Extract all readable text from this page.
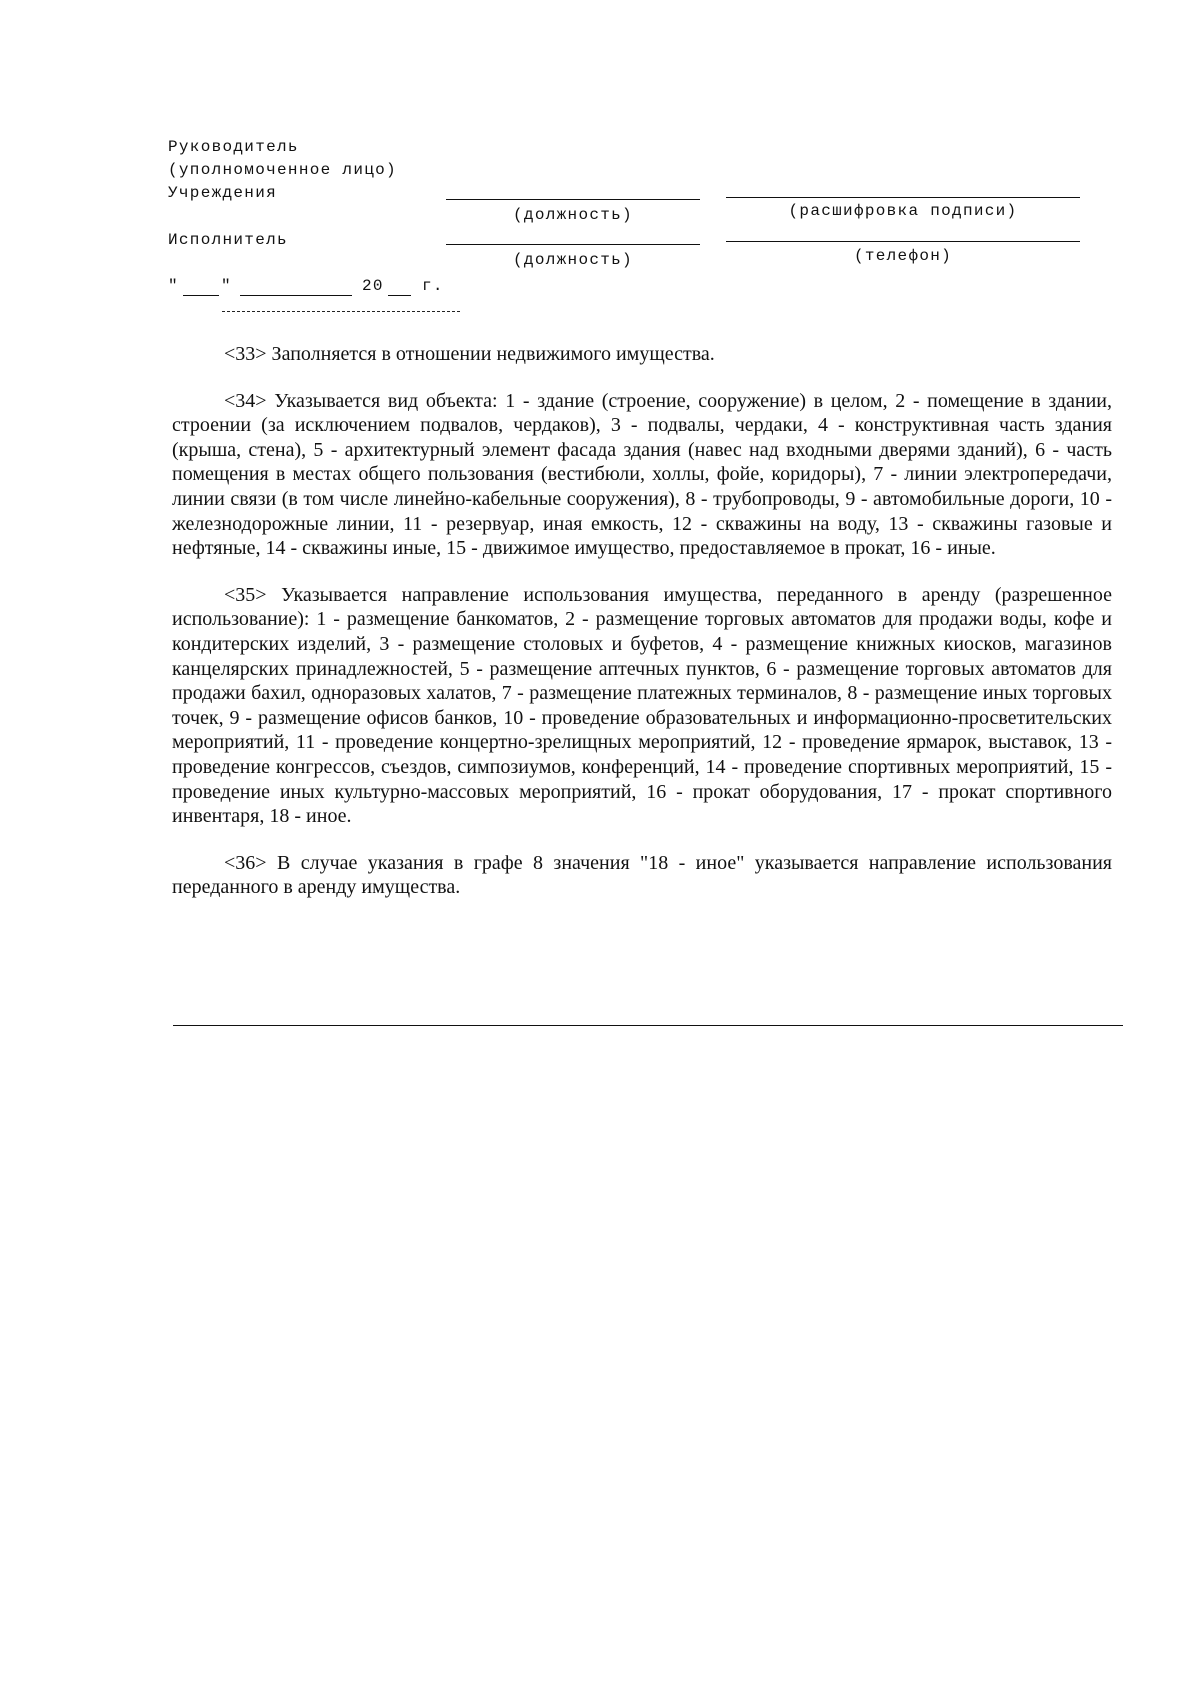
Руководитель
(уполномоченное лицо)
Учреждения
(должность)	(расшифровка подписи)
Исполнитель
(должность)	(телефон)
"	"	20 г.

<33> Заполняется в отношении недвижимого имущества.

<34> Указывается вид объекта: 1 - здание (строение, сооружение) в целом, 2 - помещение в здании, строении (за исключением подвалов, чердаков), 3 - подвалы, чердаки, 4 - конструктивная часть здания (крыша, стена), 5 - архитектурный элемент фасада здания (навес над входными дверями зданий), 6 - часть помещения в местах общего пользования (вестибюли, холлы, фойе, коридоры), 7 - линии электропередачи, линии связи (в том числе линейно-кабельные сооружения), 8 - трубопроводы, 9 - автомобильные дороги, 10 - железнодорожные линии, 11 - резервуар, иная емкость, 12 - скважины на воду, 13 - скважины газовые и нефтяные, 14 - скважины иные, 15 - движимое имущество, предоставляемое в прокат, 16 - иные.

<35> Указывается направление использования имущества, переданного в аренду (разрешенное использование): 1 - размещение банкоматов, 2 - размещение торговых автоматов для продажи воды, кофе и кондитерских изделий, 3 - размещение столовых и буфетов, 4 - размещение книжных киосков, магазинов канцелярских принадлежностей, 5 - размещение аптечных пунктов, 6 - размещение торговых автоматов для продажи бахил, одноразовых халатов, 7 - размещение платежных терминалов, 8 - размещение иных торговых точек, 9 - размещение офисов банков, 10 - проведение образовательных и информационно-просветительских мероприятий, 11 - проведение концертно-зрелищных мероприятий, 12 - проведение ярмарок, выставок, 13 - проведение конгрессов, съездов, симпозиумов, конференций, 14 - проведение спортивных мероприятий, 15 - проведение иных культурно-массовых мероприятий, 16 - прокат оборудования, 17 - прокат спортивного инвентаря, 18 - иное.

<36> В случае указания в графе 8 значения "18 - иное" указывается направление использования переданного в аренду имущества.
